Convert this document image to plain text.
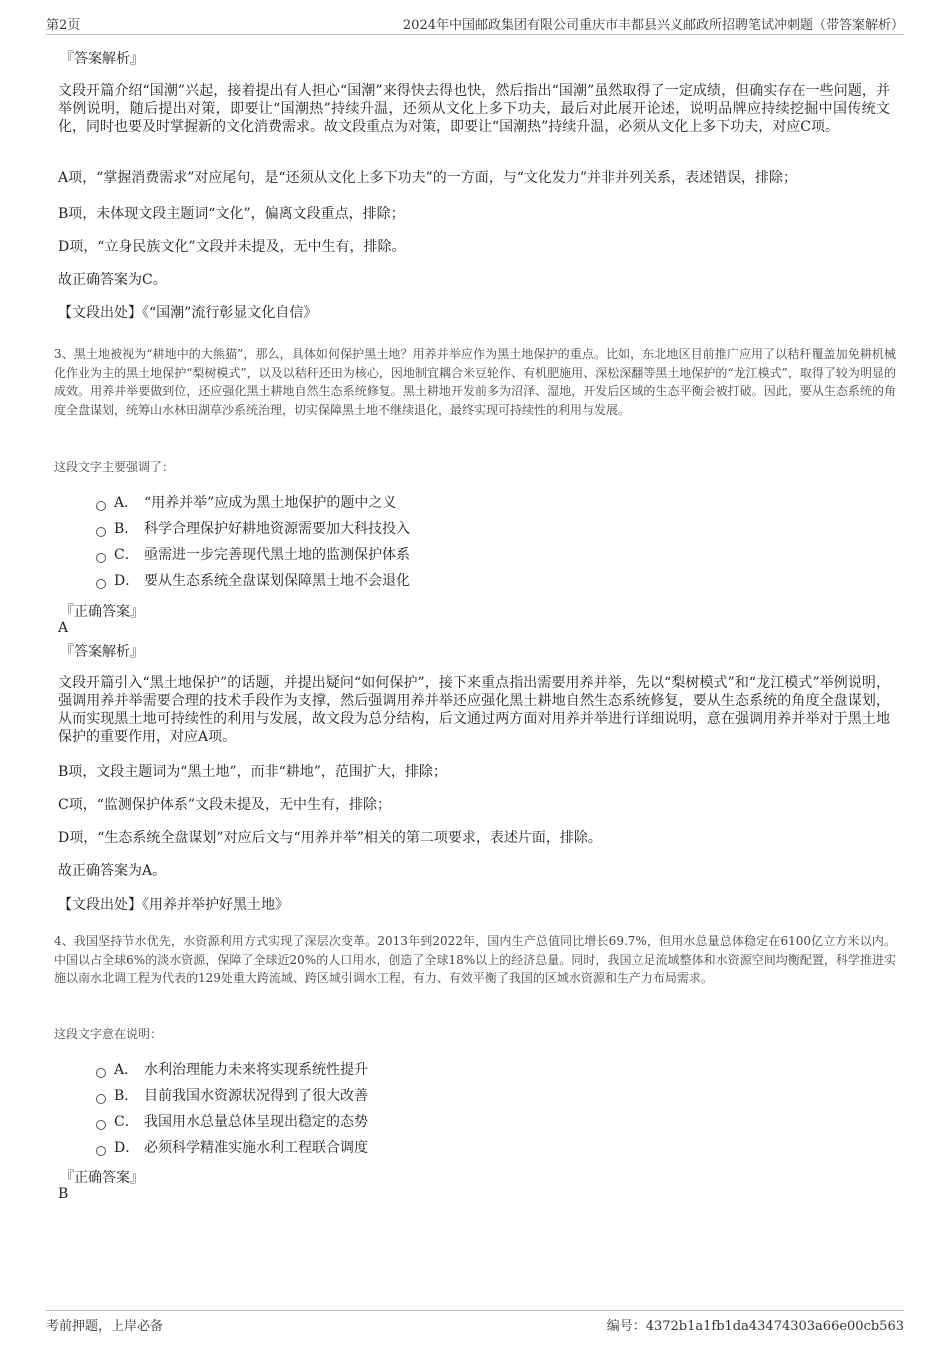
第2页	2024年中国邮政集团有限公司重庆市丰都县兴义邮政所招聘笔试冲刺题（带答案解析）
『答案解析』
文段开篇介绍“国潮”兴起，接着提出有人担心“国潮”来得快去得也快，然后指出“国潮”虽然取得了一定成绩，但确实存在一些问题，并举例说明，随后提出对策，即要让“国潮热”持续升温，还须从文化上多下功夫，最后对此展开论述，说明品牌应持续挖掘中国传统文化，同时也要及时掌握新的文化消费需求。故文段重点为对策，即要让“国潮热”持续升温，必须从文化上多下功夫，对应C项。
A项，“掌握消费需求”对应尾句，是“还须从文化上多下功夫”的一方面，与“文化发力”并非并列关系，表述错误，排除；
B项，未体现文段主题词“文化”，偏离文段重点，排除；
D项，“立身民族文化”文段并未提及，无中生有，排除。
故正确答案为C。
【文段出处】《“国潮”流行彰显文化自信》
3、黑土地被视为“耕地中的大熊猫”，那么，具体如何保护黑土地？用养并举应作为黑土地保护的重点。比如，东北地区目前推广应用了以秸秆覆盖加免耕机械化作业为主的黑土地保护“梨树模式”，以及以秸秆还田为核心，因地制宜耦合米豆轮作、有机肥施用、深松深翻等黑土地保护的“龙江模式”，取得了较为明显的成效。用养并举要做到位，还应强化黑土耕地自然生态系统修复。黑土耕地开发前多为沼泽、湿地，开发后区域的生态平衡会被打破。因此，要从生态系统的角度全盘谋划，统筹山水林田湖草沙系统治理，切实保障黑土地不继续退化，最终实现可持续性的利用与发展。
这段文字主要强调了：
A． “用养并举”应成为黑土地保护的题中之义
B． 科学合理保护好耕地资源需要加大科技投入
C． 亟需进一步完善现代黑土地的监测保护体系
D． 要从生态系统全盘谋划保障黑土地不会退化
『正确答案』
A
『答案解析』
文段开篇引入“黑土地保护”的话题，并提出疑问“如何保护”，接下来重点指出需要用养并举，先以“梨树模式”和“龙江模式”举例说明，强调用养并举需要合理的技术手段作为支撑，然后强调用养并举还应强化黑土耕地自然生态系统修复，要从生态系统的角度全盘谋划，从而实现黑土地可持续性的利用与发展，故文段为总分结构，后文通过两方面对用养并举进行详细说明，意在强调用养并举对于黑土地保护的重要作用，对应A项。
B项，文段主题词为“黑土地”，而非“耕地”，范围扩大，排除；
C项，“监测保护体系”文段未提及，无中生有，排除；
D项，“生态系统全盘谋划”对应后文与“用养并举”相关的第二项要求，表述片面，排除。
故正确答案为A。
【文段出处】《用养并举护好黑土地》
4、我国坚持节水优先，水资源利用方式实现了深层次变革。2013年到2022年，国内生产总值同比增长69.7%，但用水总量总体稳定在6100亿立方米以内。中国以占全球6%的淡水资源，保障了全球近20%的人口用水，创造了全球18%以上的经济总量。同时，我国立足流域整体和水资源空间均衡配置，科学推进实施以南水北调工程为代表的129处重大跨流域、跨区域引调水工程，有力、有效平衡了我国的区域水资源和生产力布局需求。
这段文字意在说明：
A． 水利治理能力未来将实现系统性提升
B． 目前我国水资源状况得到了很大改善
C． 我国用水总量总体呈现出稳定的态势
D． 必须科学精准实施水利工程联合调度
『正确答案』
B
考前押题，上岸必备	编号：4372b1a1fb1da43474303a66e00cb563
